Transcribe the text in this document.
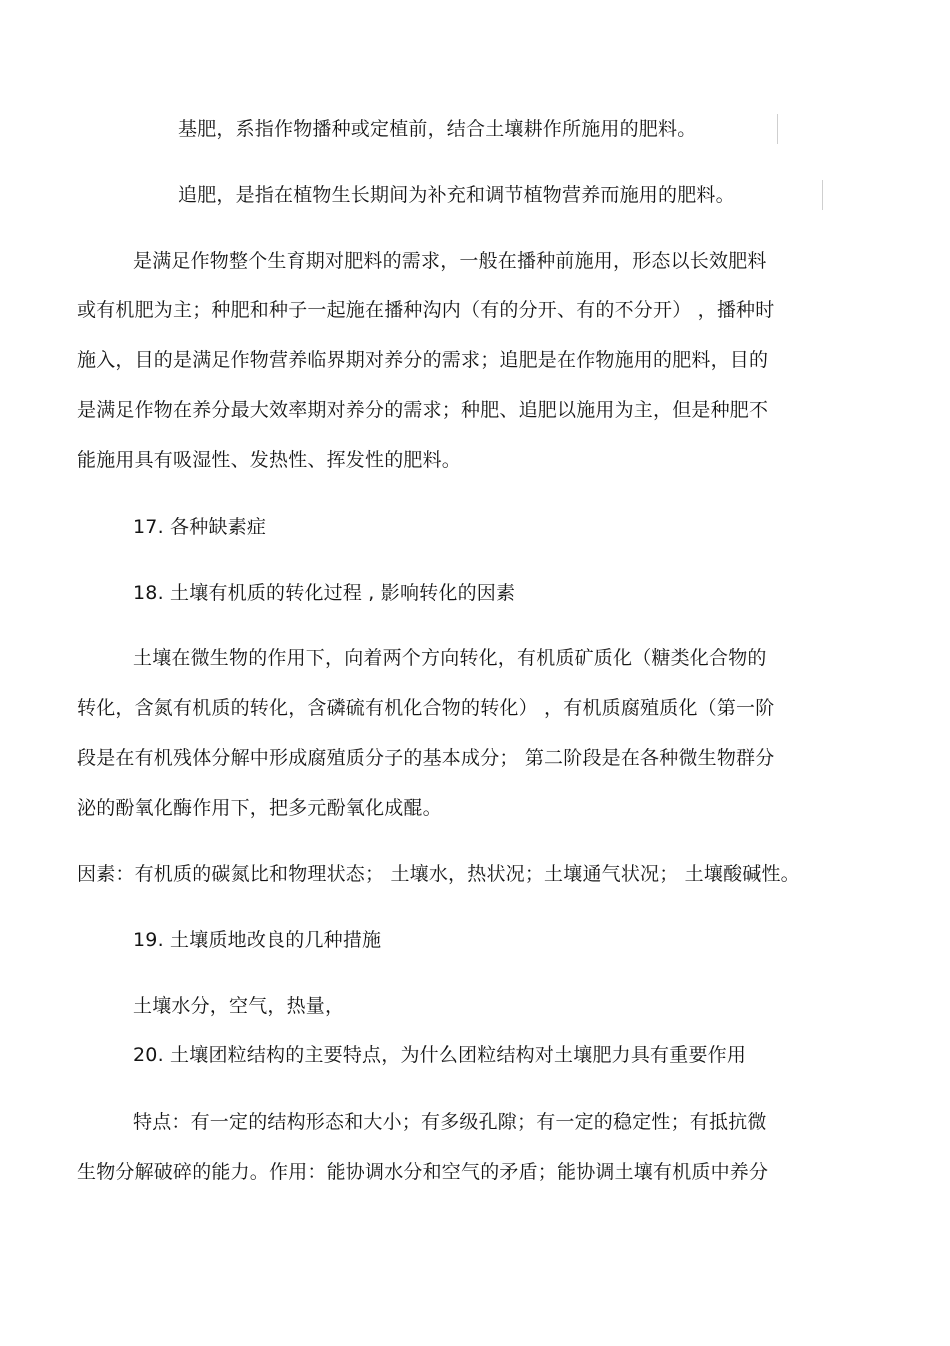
基肥，系指作物播种或定植前，结合土壤耕作所施用的肥料。
追肥，是指在植物生长期间为补充和调节植物营养而施用的肥料。
是满足作物整个生育期对肥料的需求，一般在播种前施用，形态以长效肥料
或有机肥为主；种肥和种子一起施在播种沟内（有的分开、有的不分开） ，播种时
施入，目的是满足作物营养临界期对养分的需求；追肥是在作物施用的肥料，目的
是满足作物在养分最大效率期对养分的需求；种肥、追肥以施用为主，但是种肥不
能施用具有吸湿性、发热性、挥发性的肥料。
17. 各种缺素症
18. 土壤有机质的转化过程 , 影响转化的因素
土壤在微生物的作用下，向着两个方向转化，有机质矿质化（糖类化合物的
转化，含氮有机质的转化，含磷硫有机化合物的转化） ，有机质腐殖质化（第一阶
段是在有机残体分解中形成腐殖质分子的基本成分； 第二阶段是在各种微生物群分
泌的酚氧化酶作用下，把多元酚氧化成醌。
因素：有机质的碳氮比和物理状态； 土壤水，热状况；土壤通气状况； 土壤酸碱性。
19. 土壤质地改良的几种措施
土壤水分，空气，热量，
20. 土壤团粒结构的主要特点，为什么团粒结构对土壤肥力具有重要作用
特点：有一定的结构形态和大小；有多级孔隙；有一定的稳定性；有抵抗微
生物分解破碎的能力。作用：能协调水分和空气的矛盾；能协调土壤有机质中养分
